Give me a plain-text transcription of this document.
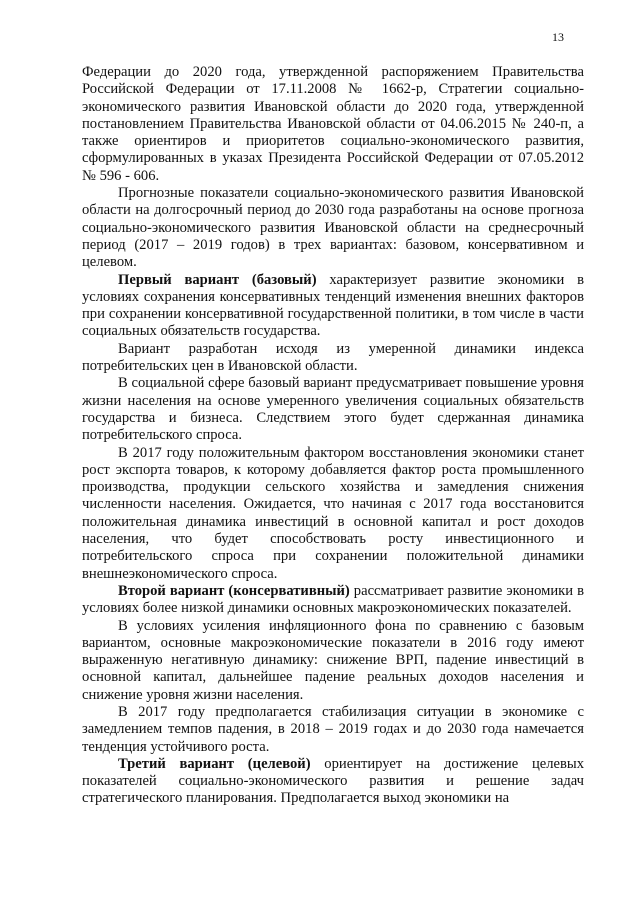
13

Федерации до 2020 года, утвержденной распоряжением Правительства Российской Федерации от 17.11.2008 № 1662-р, Стратегии социально-экономического развития Ивановской области до 2020 года, утвержденной постановлением Правительства Ивановской области от 04.06.2015 № 240-п, а также ориентиров и приоритетов социально-экономического развития, сформулированных в указах Президента Российской Федерации от 07.05.2012 № 596 - 606.

Прогнозные показатели социально-экономического развития Ивановской области на долгосрочный период до 2030 года разработаны на основе прогноза социально-экономического развития Ивановской области на среднесрочный период (2017 – 2019 годов) в трех вариантах: базовом, консервативном и целевом.

Первый вариант (базовый) характеризует развитие экономики в условиях сохранения консервативных тенденций изменения внешних факторов при сохранении консервативной государственной политики, в том числе в части социальных обязательств государства.

Вариант разработан исходя из умеренной динамики индекса потребительских цен в Ивановской области.

В социальной сфере базовый вариант предусматривает повышение уровня жизни населения на основе умеренного увеличения социальных обязательств государства и бизнеса. Следствием этого будет сдержанная динамика потребительского спроса.

В 2017 году положительным фактором восстановления экономики станет рост экспорта товаров, к которому добавляется фактор роста промышленного производства, продукции сельского хозяйства и замедления снижения численности населения. Ожидается, что начиная с 2017 года восстановится положительная динамика инвестиций в основной капитал и рост доходов населения, что будет способствовать росту инвестиционного и потребительского спроса при сохранении положительной динамики внешнеэкономического спроса.

Второй вариант (консервативный) рассматривает развитие экономики в условиях более низкой динамики основных макроэкономических показателей.

В условиях усиления инфляционного фона по сравнению с базовым вариантом, основные макроэкономические показатели в 2016 году имеют выраженную негативную динамику: снижение ВРП, падение инвестиций в основной капитал, дальнейшее падение реальных доходов населения и снижение уровня жизни населения.

В 2017 году предполагается стабилизация ситуации в экономике с замедлением темпов падения, в 2018 – 2019 годах и до 2030 года намечается тенденция устойчивого роста.

Третий вариант (целевой) ориентирует на достижение целевых показателей социально-экономического развития и решение задач стратегического планирования. Предполагается выход экономики на
